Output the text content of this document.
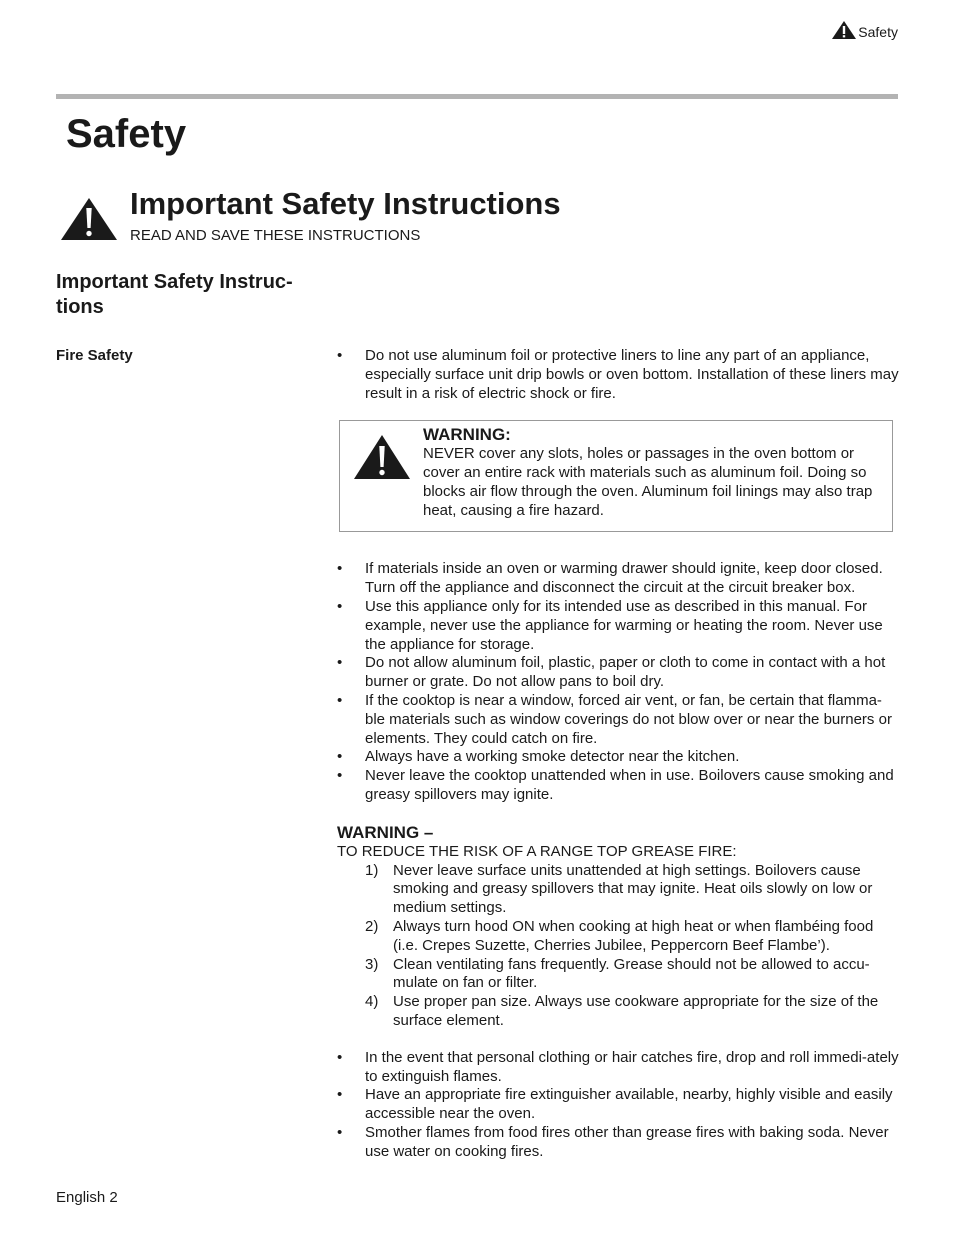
Safety
Safety
Important Safety Instructions
READ AND SAVE THESE INSTRUCTIONS
Important Safety Instruc-tions
Fire Safety
•	Do not use aluminum foil or protective liners to line any part of an appliance, especially surface unit drip bowls or oven bottom. Installation of these liners may result in a risk of electric shock or fire.
WARNING:
NEVER cover any slots, holes or passages in the oven bottom or cover an entire rack with materials such as aluminum foil. Doing so blocks air flow through the oven. Aluminum foil linings may also trap heat, causing a fire hazard.
• If materials inside an oven or warming drawer should ignite, keep door closed. Turn off the appliance and disconnect the circuit at the circuit breaker box.
• Use this appliance only for its intended use as described in this manual. For example, never use the appliance for warming or heating the room. Never use the appliance for storage.
• Do not allow aluminum foil, plastic, paper or cloth to come in contact with a hot burner or grate. Do not allow pans to boil dry.
• If the cooktop is near a window, forced air vent, or fan, be certain that flamma-ble materials such as window coverings do not blow over or near the burners or elements. They could catch on fire.
• Always have a working smoke detector near the kitchen.
• Never leave the cooktop unattended when in use. Boilovers cause smoking and greasy spillovers may ignite.
WARNING –
TO REDUCE THE RISK OF A RANGE TOP GREASE FIRE:
1) Never leave surface units unattended at high settings. Boilovers cause smoking and greasy spillovers that may ignite. Heat oils slowly on low or medium settings.
2) Always turn hood ON when cooking at high heat or when flambéing food (i.e. Crepes Suzette, Cherries Jubilee, Peppercorn Beef Flambe’).
3) Clean ventilating fans frequently. Grease should not be allowed to accu-mulate on fan or filter.
4) Use proper pan size. Always use cookware appropriate for the size of the surface element.
• In the event that personal clothing or hair catches fire, drop and roll immedi-ately to extinguish flames.
• Have an appropriate fire extinguisher available, nearby, highly visible and easily accessible near the oven.
• Smother flames from food fires other than grease fires with baking soda. Never use water on cooking fires.
English 2
